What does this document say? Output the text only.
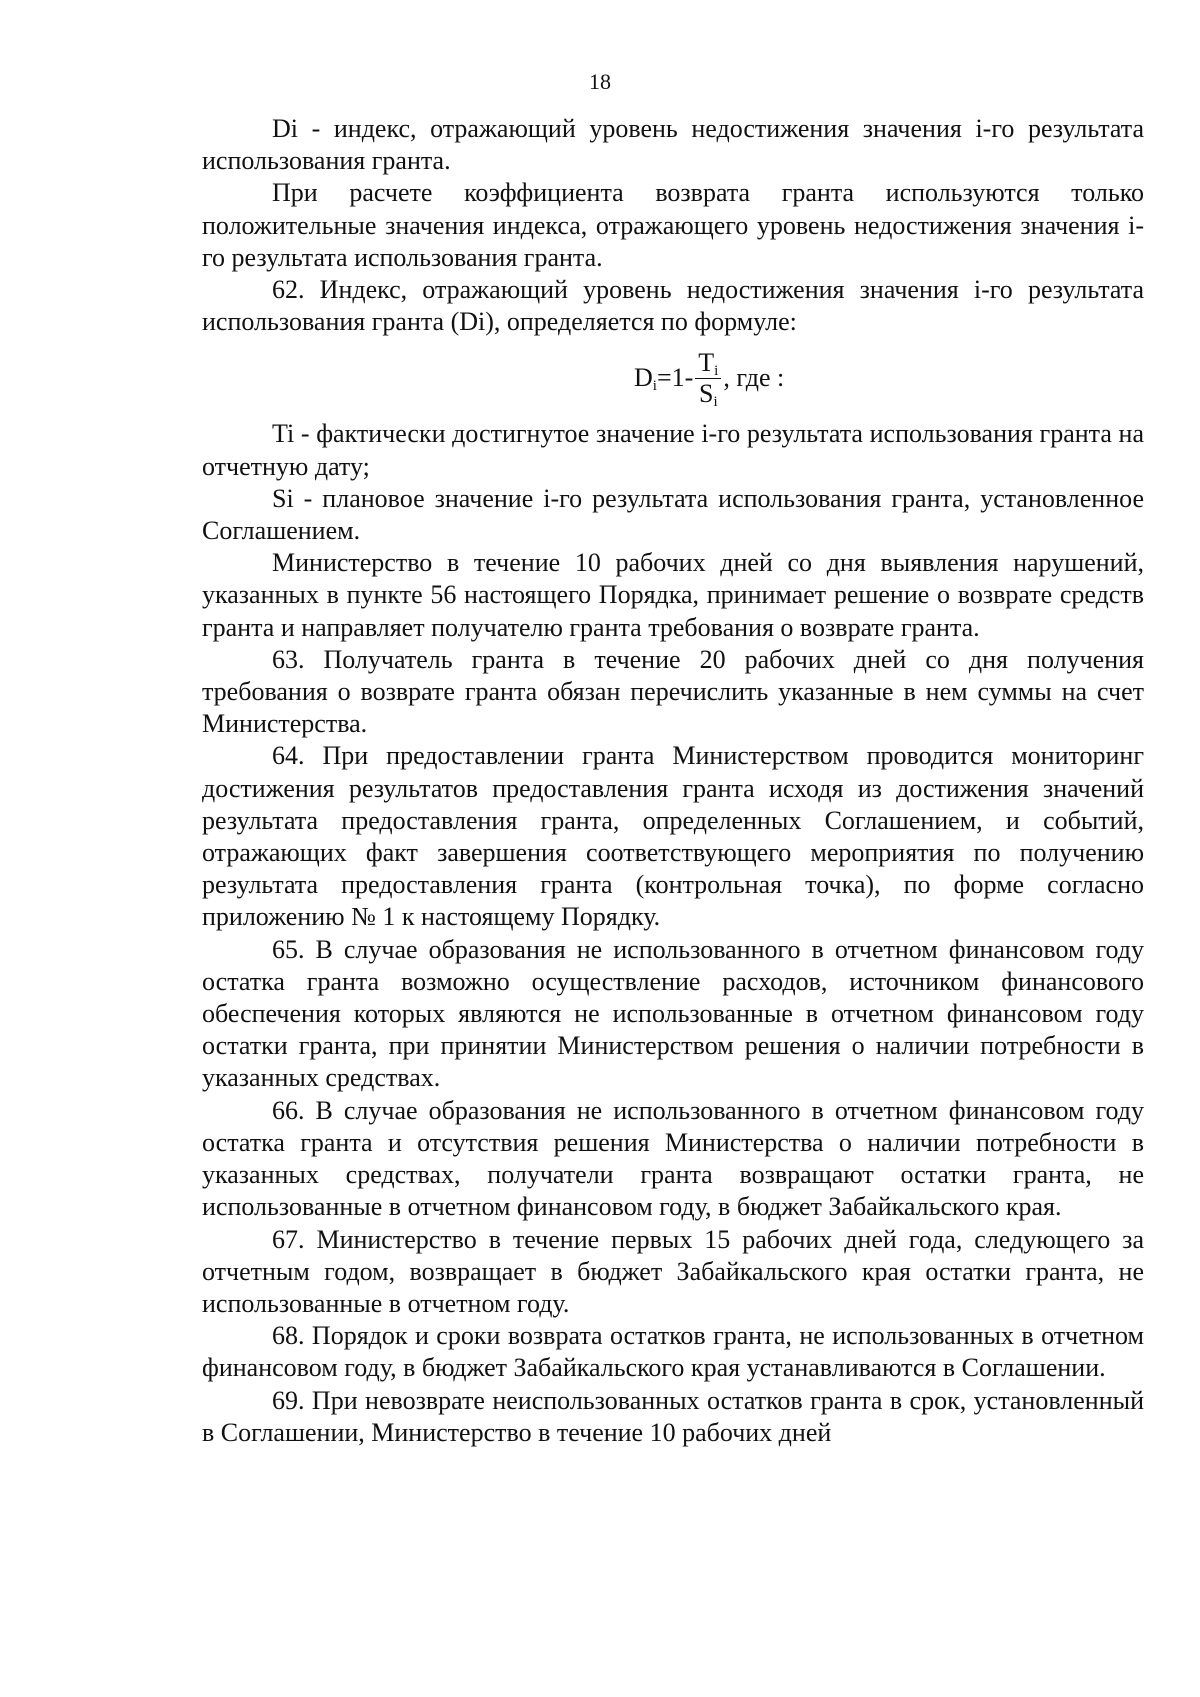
18

Di - индекс, отражающий уровень недостижения значения i-го результата использования гранта.

При расчете коэффициента возврата гранта используются только положительные значения индекса, отражающего уровень недостижения значения i-го результата использования гранта.

62. Индекс, отражающий уровень недостижения значения i-го результата использования гранта (Di), определяется по формуле:

$D_i =1- \frac{T_i}{S_i}$ , где :

Ti - фактически достигнутое значение i-го результата использования гранта на отчетную дату;

Si - плановое значение i-го результата использования гранта, установленное Соглашением.

Министерство в течение 10 рабочих дней со дня выявления нарушений, указанных в пункте 56 настоящего Порядка, принимает решение о возврате средств гранта и направляет получателю гранта требования о возврате гранта.

63. Получатель гранта в течение 20 рабочих дней со дня получения требования о возврате гранта обязан перечислить указанные в нем суммы на счет Министерства.

64. При предоставлении гранта Министерством проводится мониторинг достижения результатов предоставления гранта исходя из достижения значений результата предоставления гранта, определенных Соглашением, и событий, отражающих факт завершения соответствующего мероприятия по получению результата предоставления гранта (контрольная точка), по форме согласно приложению № 1 к настоящему Порядку.

65. В случае образования не использованного в отчетном финансовом году остатка гранта возможно осуществление расходов, источником финансового обеспечения которых являются не использованные в отчетном финансовом году остатки гранта, при принятии Министерством решения о наличии потребности в указанных средствах.

66. В случае образования не использованного в отчетном финансовом году остатка гранта и отсутствия решения Министерства о наличии потребности в указанных средствах, получатели гранта возвращают остатки гранта, не использованные в отчетном финансовом году, в бюджет Забайкальского края.

67. Министерство в течение первых 15 рабочих дней года, следующего за отчетным годом, возвращает в бюджет Забайкальского края остатки гранта, не использованные в отчетном году.

68. Порядок и сроки возврата остатков гранта, не использованных в отчетном финансовом году, в бюджет Забайкальского края устанавливаются в Соглашении.

69. При невозврате неиспользованных остатков гранта в срок, установленный в Соглашении, Министерство в течение 10 рабочих дней
